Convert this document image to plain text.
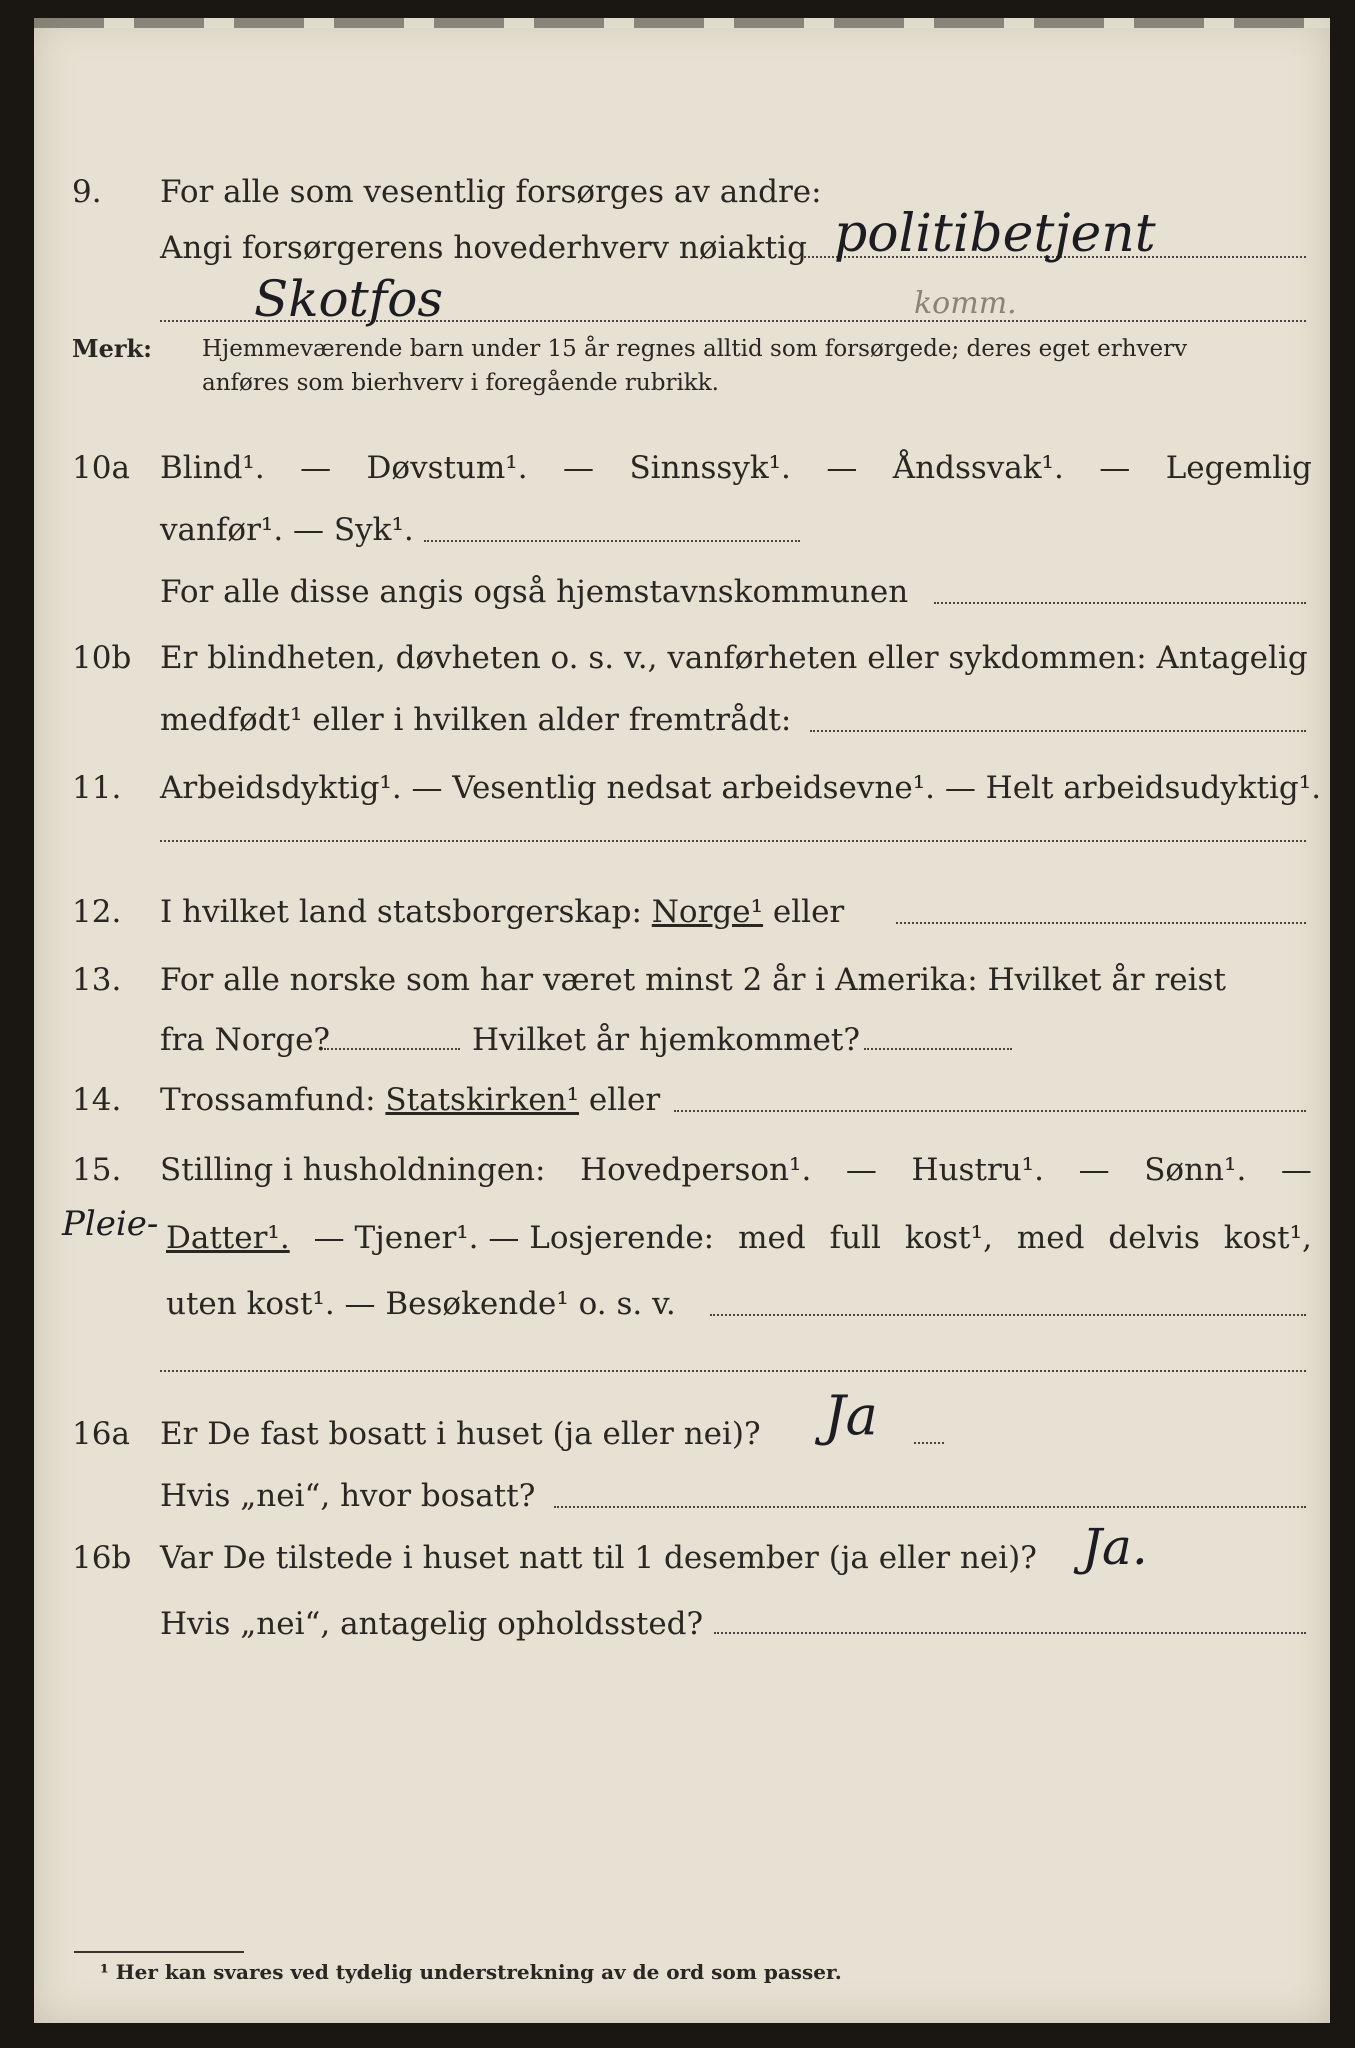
9. For alle som vesentlig forsørges av andre:
Angi forsørgerens hovederhverv nøiaktig politibetjent
Skotfos	komm.
Merk: Hjemmeværende barn under 15 år regnes alltid som forsørgede; deres eget erhverv
anføres som bierhverv i foregående rubrikk.
10a Blind¹. — Døvstum¹. — Sinnssyk¹. — Åndssvak¹. — Legemlig
vanfør¹. — Syk¹.
For alle disse angis også hjemstavnskommunen
10b Er blindheten, døvheten o. s. v., vanførheten eller sykdommen: Antagelig
medfødt¹ eller i hvilken alder fremtrådt:
11. Arbeidsdyktig¹. — Vesentlig nedsat arbeidsevne¹. — Helt arbeidsudyktig¹.
12. I hvilket land statsborgerskap: Norge¹ eller
13. For alle norske som har været minst 2 år i Amerika: Hvilket år reist
fra Norge?	Hvilket år hjemkommet?
14. Trossamfund: Statskirken¹ eller
15. Stilling i husholdningen: Hovedperson¹. — Hustru¹. — Sønn¹. —
Pleie- Datter¹. — Tjener¹. — Losjerende: med full kost¹, med delvis kost¹,
uten kost¹. — Besøkende¹ o. s. v.
16a Er De fast bosatt i huset (ja eller nei)? Ja
Hvis „nei“, hvor bosatt?
16b Var De tilstede i huset natt til 1 desember (ja eller nei)? Ja.
Hvis „nei“, antagelig opholdssted?
¹ Her kan svares ved tydelig understrekning av de ord som passer.
